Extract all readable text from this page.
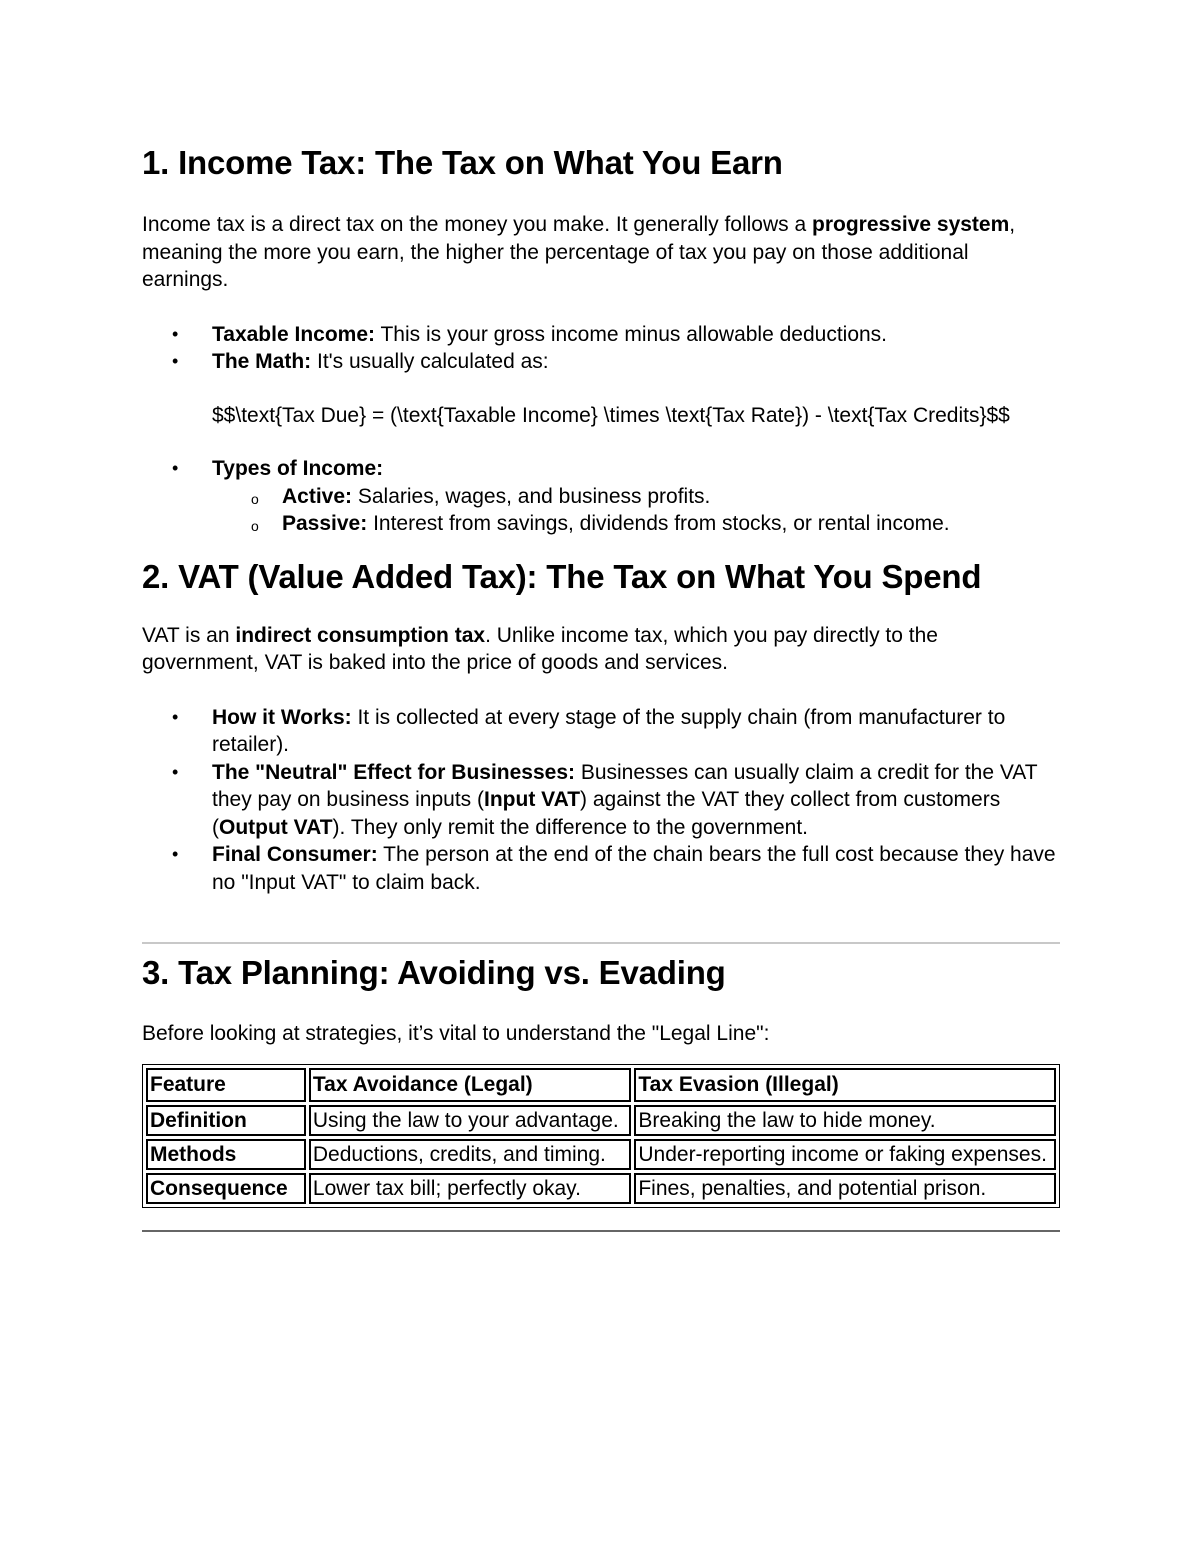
1. Income Tax: The Tax on What You Earn

Income tax is a direct tax on the money you make. It generally follows a progressive system, meaning the more you earn, the higher the percentage of tax you pay on those additional earnings.

• Taxable Income: This is your gross income minus allowable deductions.
• The Math: It's usually calculated as:
$$\text{Tax Due} = (\text{Taxable Income} \times \text{Tax Rate}) - \text{Tax Credits}$$
• Types of Income:
o Active: Salaries, wages, and business profits.
o Passive: Interest from savings, dividends from stocks, or rental income.
2. VAT (Value Added Tax): The Tax on What You Spend

VAT is an indirect consumption tax. Unlike income tax, which you pay directly to the government, VAT is baked into the price of goods and services.

• How it Works: It is collected at every stage of the supply chain (from manufacturer to retailer).
• The "Neutral" Effect for Businesses: Businesses can usually claim a credit for the VAT they pay on business inputs (Input VAT) against the VAT they collect from customers (Output VAT). They only remit the difference to the government.
• Final Consumer: The person at the end of the chain bears the full cost because they have no "Input VAT" to claim back.
3. Tax Planning: Avoiding vs. Evading

Before looking at strategies, it’s vital to understand the "Legal Line":

Feature	Tax Avoidance (Legal)	Tax Evasion (Illegal)
Definition	Using the law to your advantage.	Breaking the law to hide money.
Methods	Deductions, credits, and timing.	Under-reporting income or faking expenses.
Consequence	Lower tax bill; perfectly okay.	Fines, penalties, and potential prison.
